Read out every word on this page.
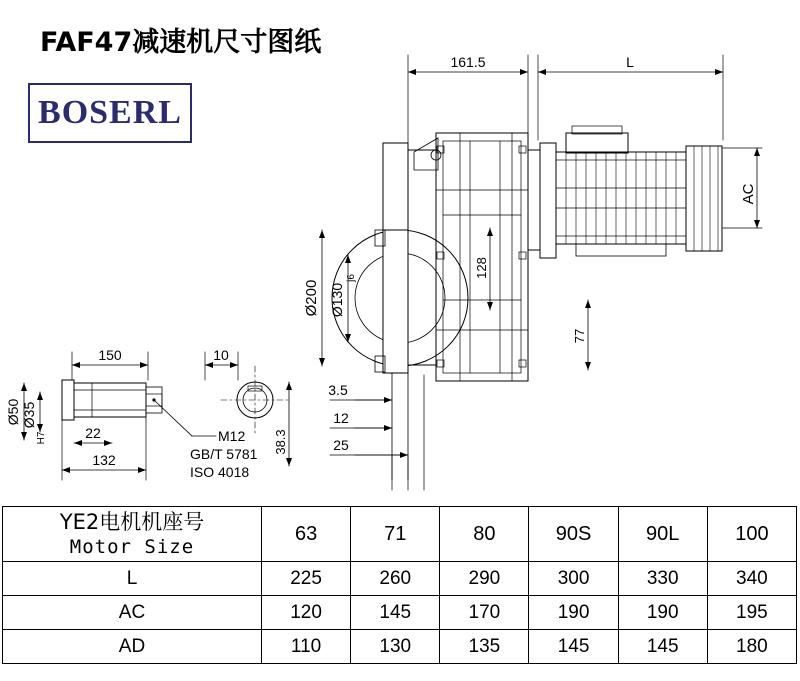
FAF47减速机尺寸图纸
BOSERL
161.5	L
AC
128
77
Ø200 Ø130
j6
3.5
12
25
150	10
Ø50 Ø35
H7	22
132
38.3
M12
GB/T 5781
ISO 4018
YE2电机机座号
Motor Size	63	71	80	90S	90L	100
L	225	260	290	300	330	340
AC	120	145	170	190	190	195
AD	110	130	135	145	145	180
